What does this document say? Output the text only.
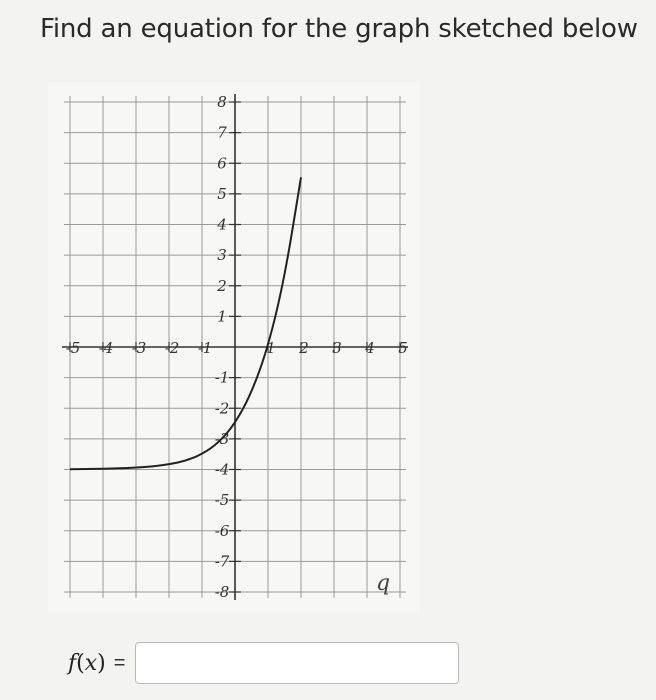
Find an equation for the graph sketched below
-5 -4 -3 -2 -1	1 2 3 4 5
8
7
6
5
4
3
2
1
-1
-2
-3
-4
-5
-6
-7
-8	q
f(x) =
